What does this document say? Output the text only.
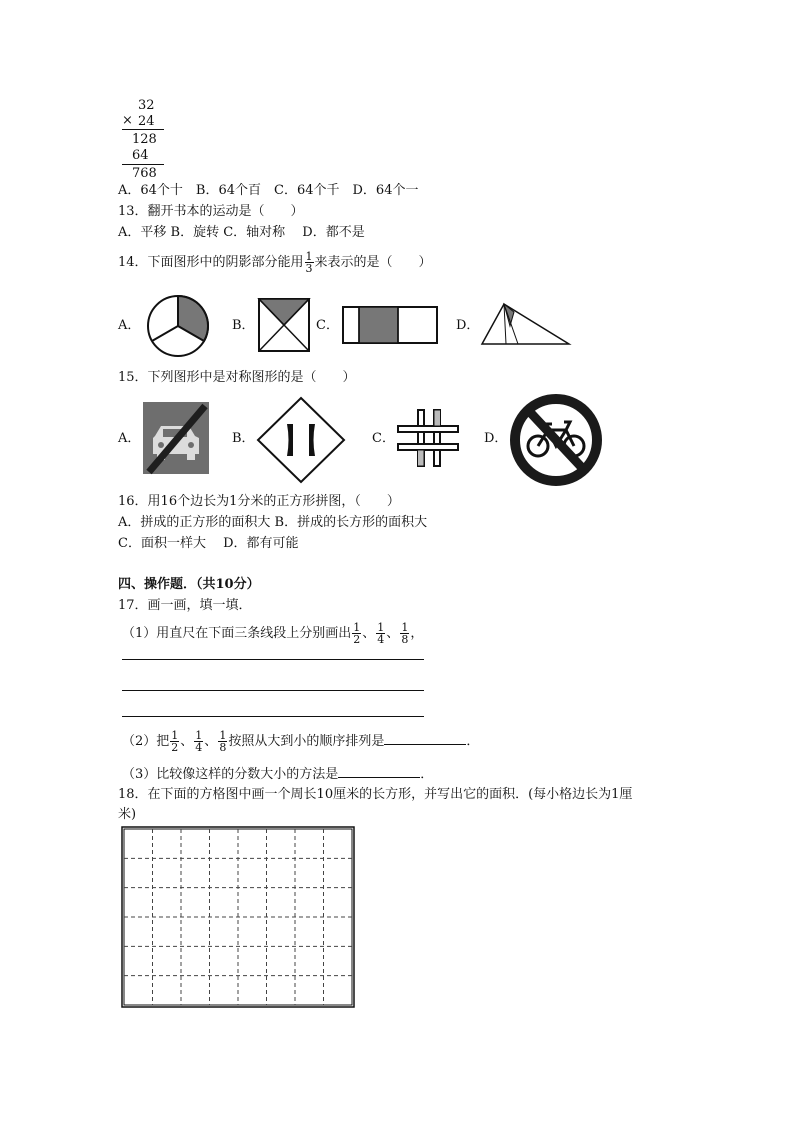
32
× 24
128
64
768
A．64个十　B．64个百　C．64个千　D．64个一
13．翻开书本的运动是（　　）
A．平移 B．旋转 C．轴对称　 D．都不是
14．下面图形中的阴影部分能用 $\frac{1}{3}$ 来表示的是（　　）
A．	B．	C．	D．
15．下列图形中是对称图形的是（　　）
A．	B．	C．	D．
16．用16个边长为1分米的正方形拼图，（　　）
A．拼成的正方形的面积大 B．拼成的长方形的面积大
C．面积一样大　 D．都有可能
四、操作题．（共10分）
17．画一画，填一填．
（1）用直尺在下面三条线段上分别画出 $\frac{1}{2}$ 、 $\frac{1}{4}$ 、 $\frac{1}{8}$ ，
（2）把 $\frac{1}{2}$ 、 $\frac{1}{4}$ 、 $\frac{1}{8}$ 按照从大到小的顺序排列是	．
（3）比较像这样的分数大小的方法是	．
18．在下面的方格图中画一个周长10厘米的长方形，并写出它的面积．(每小格边长为1厘
米)
